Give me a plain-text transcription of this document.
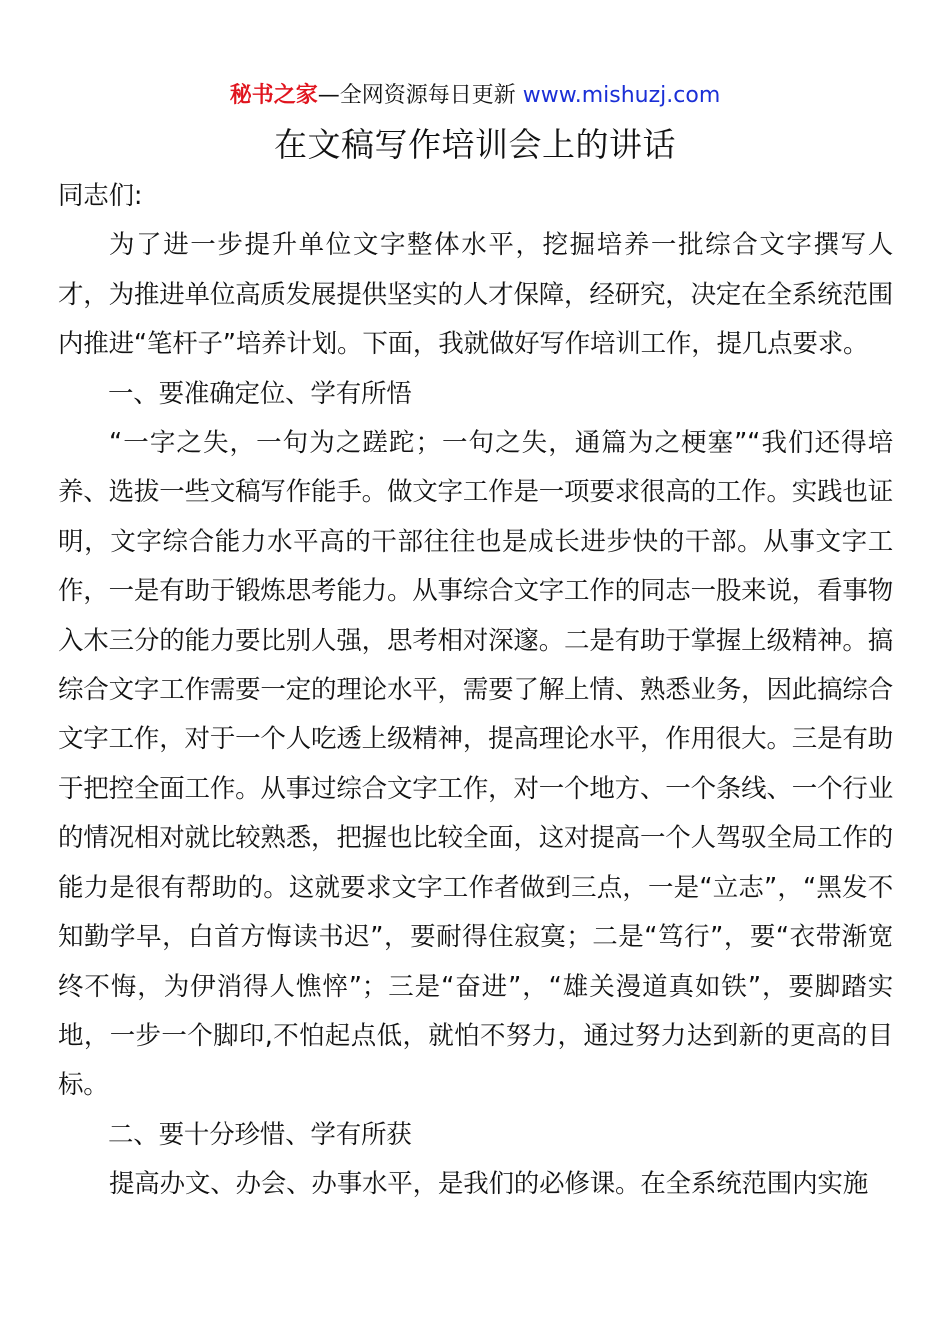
秘书之家—全网资源每日更新 www.mishuzj.com
在文稿写作培训会上的讲话

同志们:

为了进一步提升单位文字整体水平，挖掘培养一批综合文字撰写人才，为推进单位高质发展提供坚实的人才保障，经研究，决定在全系统范围内推进“笔杆子”培养计划。下面，我就做好写作培训工作，提几点要求。

一、要准确定位、学有所悟

“一字之失，一句为之蹉跎；一句之失，通篇为之梗塞”“我们还得培养、选拔一些文稿写作能手。做文字工作是一项要求很高的工作。实践也证明，文字综合能力水平高的干部往往也是成长进步快的干部。从事文字工作，一是有助于锻炼思考能力。从事综合文字工作的同志一股来说，看事物入木三分的能力要比别人强，思考相对深邃。二是有助于掌握上级精神。搞综合文字工作需要一定的理论水平，需要了解上情、熟悉业务，因此搞综合文字工作，对于一个人吃透上级精神，提高理论水平，作用很大。三是有助于把控全面工作。从事过综合文字工作，对一个地方、一个条线、一个行业的情况相对就比较熟悉，把握也比较全面，这对提高一个人驾驭全局工作的能力是很有帮助的。这就要求文字工作者做到三点，一是“立志”，“黑发不知勤学早，白首方悔读书迟”，要耐得住寂寞；二是“笃行”，要“衣带渐宽终不悔，为伊消得人憔悴”；三是“奋进”，“雄关漫道真如铁”，要脚踏实地，一步一个脚印,不怕起点低，就怕不努力，通过努力达到新的更高的目标。

二、要十分珍惜、学有所获

提高办文、办会、办事水平，是我们的必修课。在全系统范围内实施
